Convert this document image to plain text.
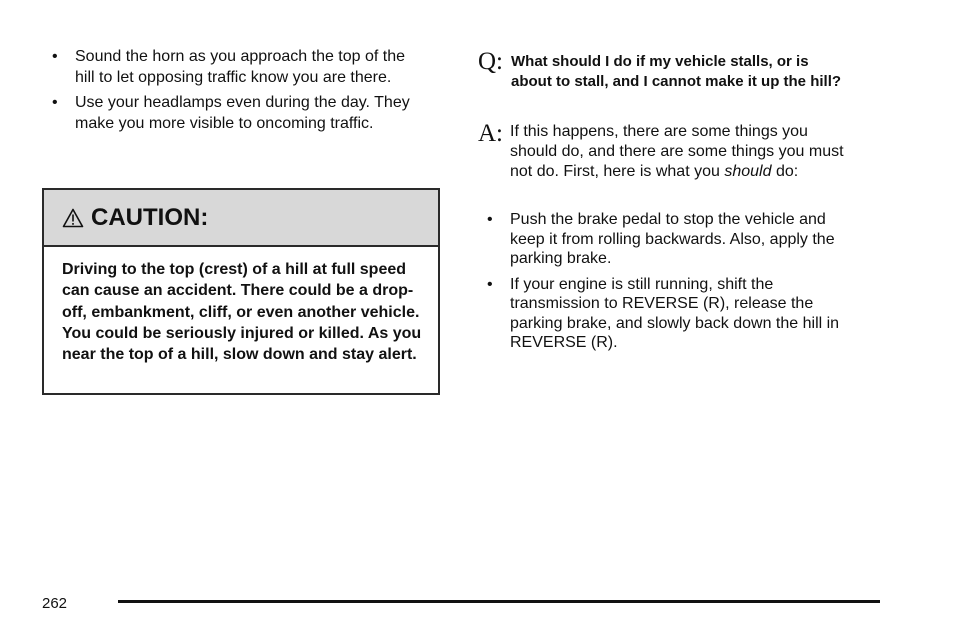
• Sound the horn as you approach the top of the hill to let opposing traffic know you are there.
• Use your headlamps even during the day. They make you more visible to oncoming traffic.
CAUTION:
Driving to the top (crest) of a hill at full speed can cause an accident. There could be a drop-off, embankment, cliff, or even another vehicle. You could be seriously injured or killed. As you near the top of a hill, slow down and stay alert.
Q: What should I do if my vehicle stalls, or is about to stall, and I cannot make it up the hill?
A: If this happens, there are some things you should do, and there are some things you must not do. First, here is what you should do:
• Push the brake pedal to stop the vehicle and keep it from rolling backwards. Also, apply the parking brake.
• If your engine is still running, shift the transmission to REVERSE (R), release the parking brake, and slowly back down the hill in REVERSE (R).
262
